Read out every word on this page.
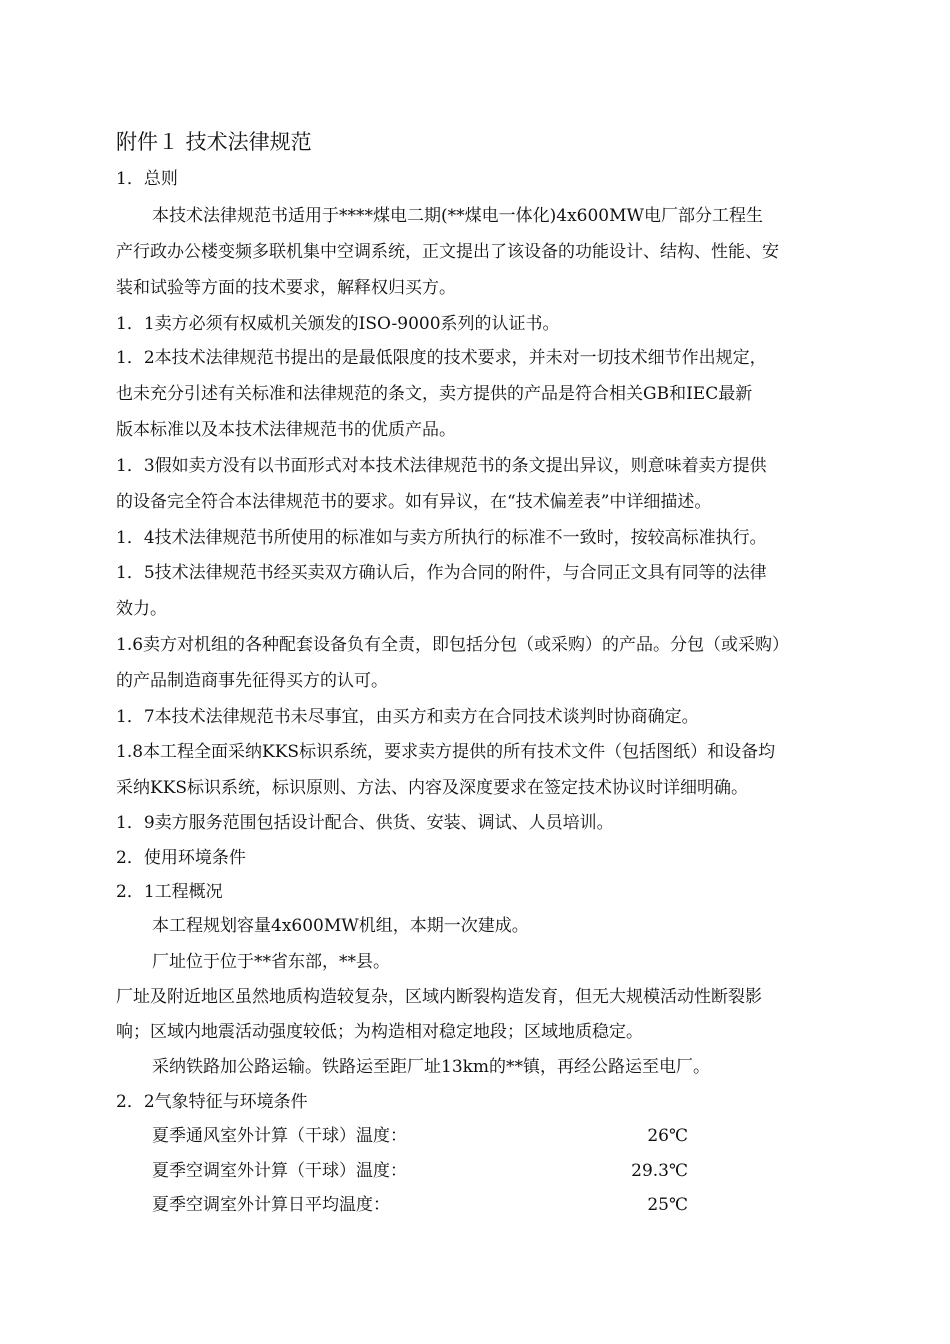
附件１ 技术法律规范
1．总则
本技术法律规范书适用于****煤电二期(**煤电一体化)4x600MW电厂部分工程生
产行政办公楼变频多联机集中空调系统，正文提出了该设备的功能设计、结构、性能、安
装和试验等方面的技术要求，解释权归买方。
1．1卖方必须有权威机关颁发的ISO-9000系列的认证书。
1．2本技术法律规范书提出的是最低限度的技术要求，并未对一切技术细节作出规定，
也未充分引述有关标准和法律规范的条文，卖方提供的产品是符合相关GB和IEC最新
版本标准以及本技术法律规范书的优质产品。
1．3假如卖方没有以书面形式对本技术法律规范书的条文提出异议，则意味着卖方提供
的设备完全符合本法律规范书的要求。如有异议，在“技术偏差表”中详细描述。
1．4技术法律规范书所使用的标准如与卖方所执行的标准不一致时，按较高标准执行。
1．5技术法律规范书经买卖双方确认后，作为合同的附件，与合同正文具有同等的法律
效力。
1.6卖方对机组的各种配套设备负有全责，即包括分包（或采购）的产品。分包（或采购）
的产品制造商事先征得买方的认可。
1．7本技术法律规范书未尽事宜，由买方和卖方在合同技术谈判时协商确定。
1.8本工程全面采纳KKS标识系统，要求卖方提供的所有技术文件（包括图纸）和设备均
采纳KKS标识系统，标识原则、方法、内容及深度要求在签定技术协议时详细明确。
1．9卖方服务范围包括设计配合、供货、安装、调试、人员培训。
2．使用环境条件
2．1工程概况
本工程规划容量4x600MW机组，本期一次建成。
厂址位于位于**省东部，**县。
厂址及附近地区虽然地质构造较复杂，区域内断裂构造发育，但无大规模活动性断裂影
响；区域内地震活动强度较低；为构造相对稳定地段；区域地质稳定。
采纳铁路加公路运输。铁路运至距厂址13km的**镇，再经公路运至电厂。
2．2气象特征与环境条件
夏季通风室外计算（干球）温度：	26℃
夏季空调室外计算（干球）温度：	29.3℃
夏季空调室外计算日平均温度：	25℃
